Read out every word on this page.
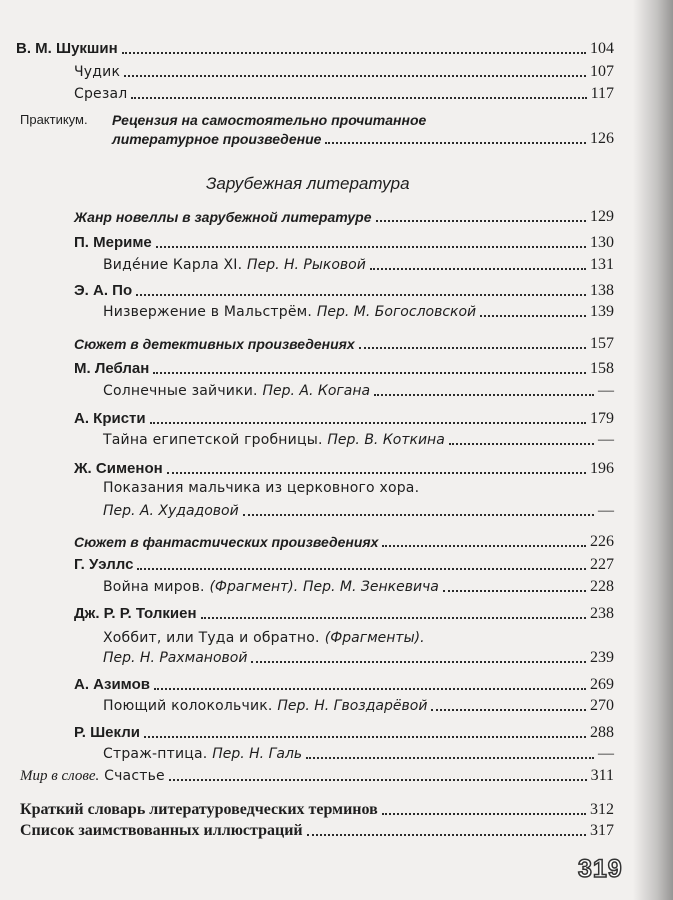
В. М. Шукшин	104
Чудик	107
Срезал	117
Практикум. Рецензия на самостоятельно прочитанное
литературное произведение	126
Зарубежная литература
Жанр новеллы в зарубежной литературе	129
П. Мериме	130
Виде́ние Карла XI.
Пер. Н. Рыковой	131
Э. А. По	138
Низвержение в Мальстрём.
Пер. М. Богословской	139
Сюжет в детективных произведениях	157
М. Леблан	158
Солнечные зайчики.
Пер. А. Когана	—
А. Кристи	179
Тайна египетской гробницы.
Пер. В. Коткина	—
Ж. Сименон	196
Показания мальчика из церковного хора.
Пер. А. Худадовой	—
Сюжет в фантастических произведениях	226
Г. Уэллс	227
Война миров.
(Фрагмент).
Пер. М. Зенкевича	228
Дж. Р. Р. Толкиен	238
Хоббит, или Туда и обратно. (Фрагменты).
Пер. Н. Рахмановой	239
А. Азимов	269
Поющий колокольчик.
Пер. Н. Гвоздарёвой	270
Р. Шекли	288
Страж-птица.
Пер. Н. Галь	—
Мир в слове.
Счастье	311
Краткий словарь литературоведческих терминов	312
Список заимствованных иллюстраций	317
319
